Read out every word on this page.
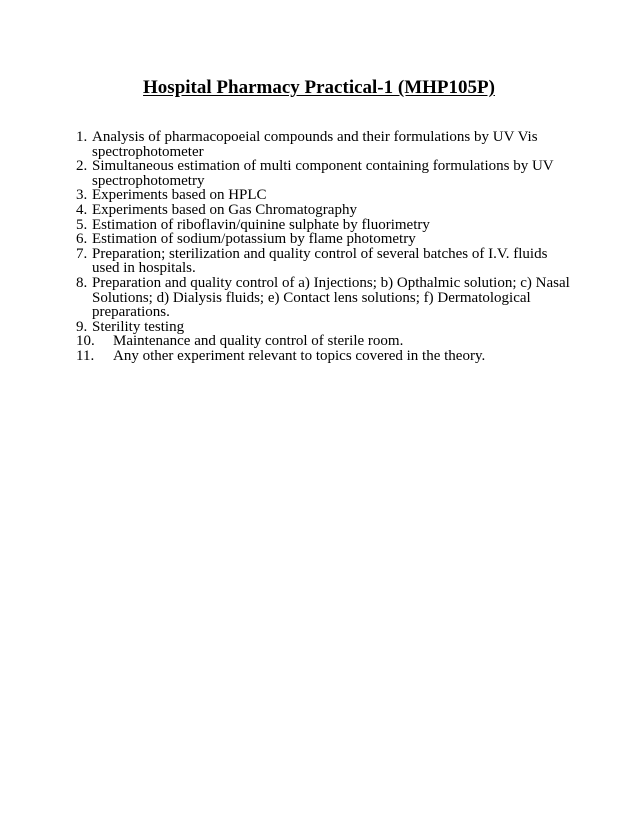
Hospital Pharmacy Practical-1 (MHP105P)
1. Analysis of pharmacopoeial compounds and their formulations by UV Vis spectrophotometer
2. Simultaneous estimation of multi component containing formulations by UV spectrophotometry
3. Experiments based on HPLC
4. Experiments based on Gas Chromatography
5. Estimation of riboflavin/quinine sulphate by fluorimetry
6. Estimation of sodium/potassium by flame photometry
7. Preparation; sterilization and quality control of several batches of I.V. fluids used in hospitals.
8. Preparation and quality control of a) Injections; b) Opthalmic solution; c) Nasal Solutions; d) Dialysis fluids; e) Contact lens solutions; f) Dermatological preparations.
9. Sterility testing
10. Maintenance and quality control of sterile room.
11. Any other experiment relevant to topics covered in the theory.
